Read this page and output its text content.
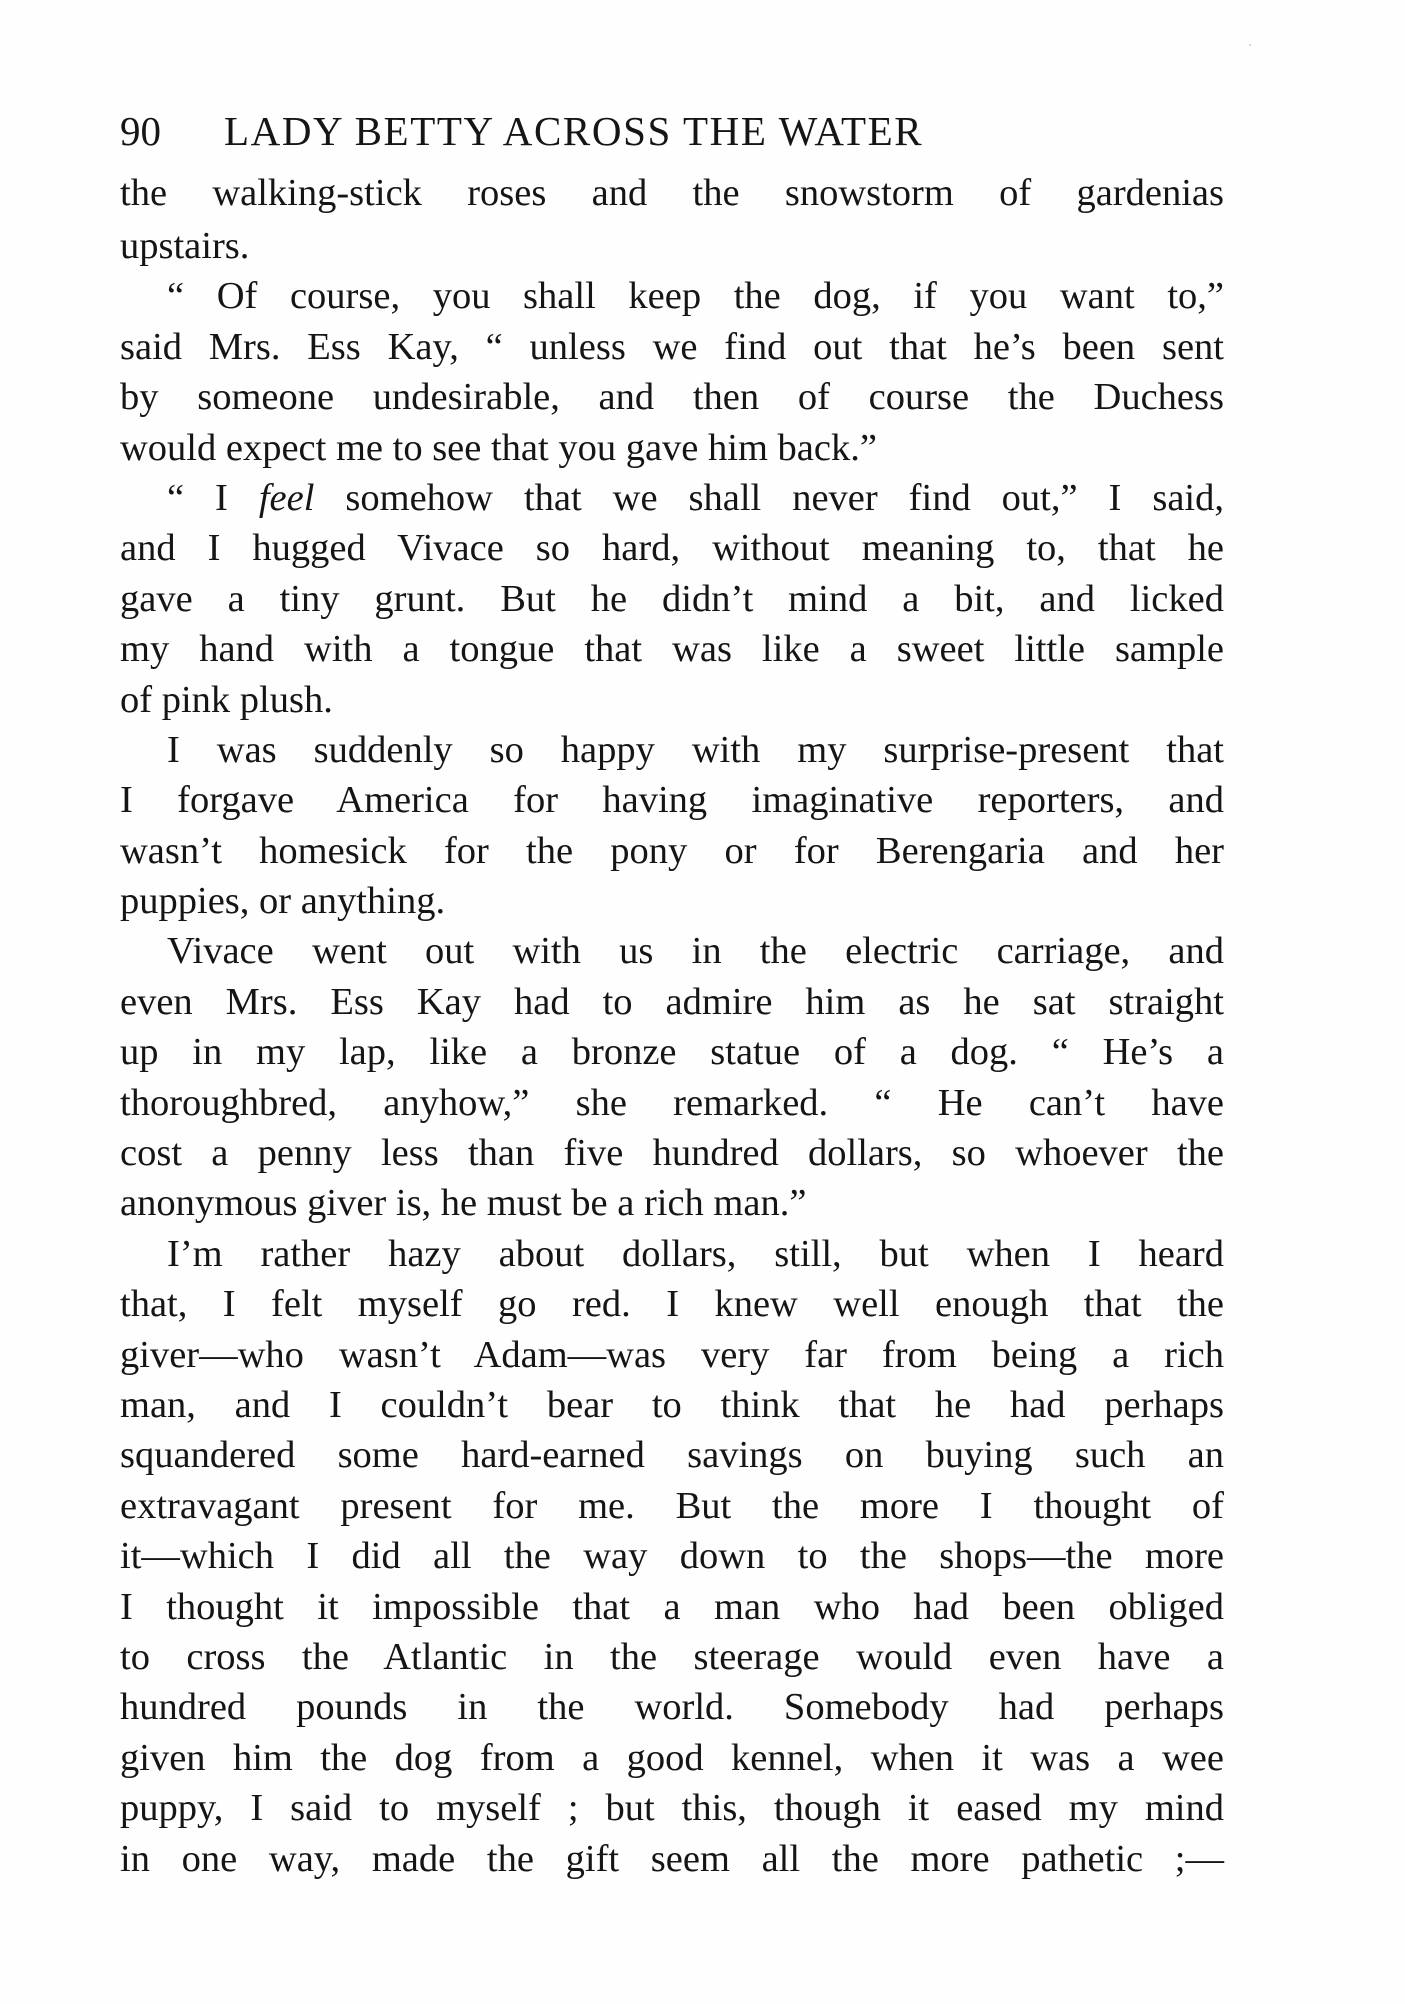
90 LADY BETTY ACROSS THE WATER
the walking-stick roses and the snowstorm of gardenias
upstairs.
“ Of course, you shall keep the dog, if you want to,”
said Mrs. Ess Kay, “ unless we find out that he’s been sent
by someone undesirable, and then of course the Duchess
would expect me to see that you gave him back.”
“ I feel somehow that we shall never find out,” I said,
and I hugged Vivace so hard, without meaning to, that he
gave a tiny grunt. But he didn’t mind a bit, and licked
my hand with a tongue that was like a sweet little sample
of pink plush.
I was suddenly so happy with my surprise-present that
I forgave America for having imaginative reporters, and
wasn’t homesick for the pony or for Berengaria and her
puppies, or anything.
Vivace went out with us in the electric carriage, and
even Mrs. Ess Kay had to admire him as he sat straight
up in my lap, like a bronze statue of a dog. “ He’s a
thoroughbred, anyhow,” she remarked. “ He can’t have
cost a penny less than five hundred dollars, so whoever the
anonymous giver is, he must be a rich man.”
I’m rather hazy about dollars, still, but when I heard
that, I felt myself go red. I knew well enough that the
giver—who wasn’t Adam—was very far from being a rich
man, and I couldn’t bear to think that he had perhaps
squandered some hard-earned savings on buying such an
extravagant present for me. But the more I thought of
it—which I did all the way down to the shops—the more
I thought it impossible that a man who had been obliged
to cross the Atlantic in the steerage would even have a
hundred pounds in the world. Somebody had perhaps
given him the dog from a good kennel, when it was a wee
puppy, I said to myself ; but this, though it eased my mind
in one way, made the gift seem all the more pathetic ;—
